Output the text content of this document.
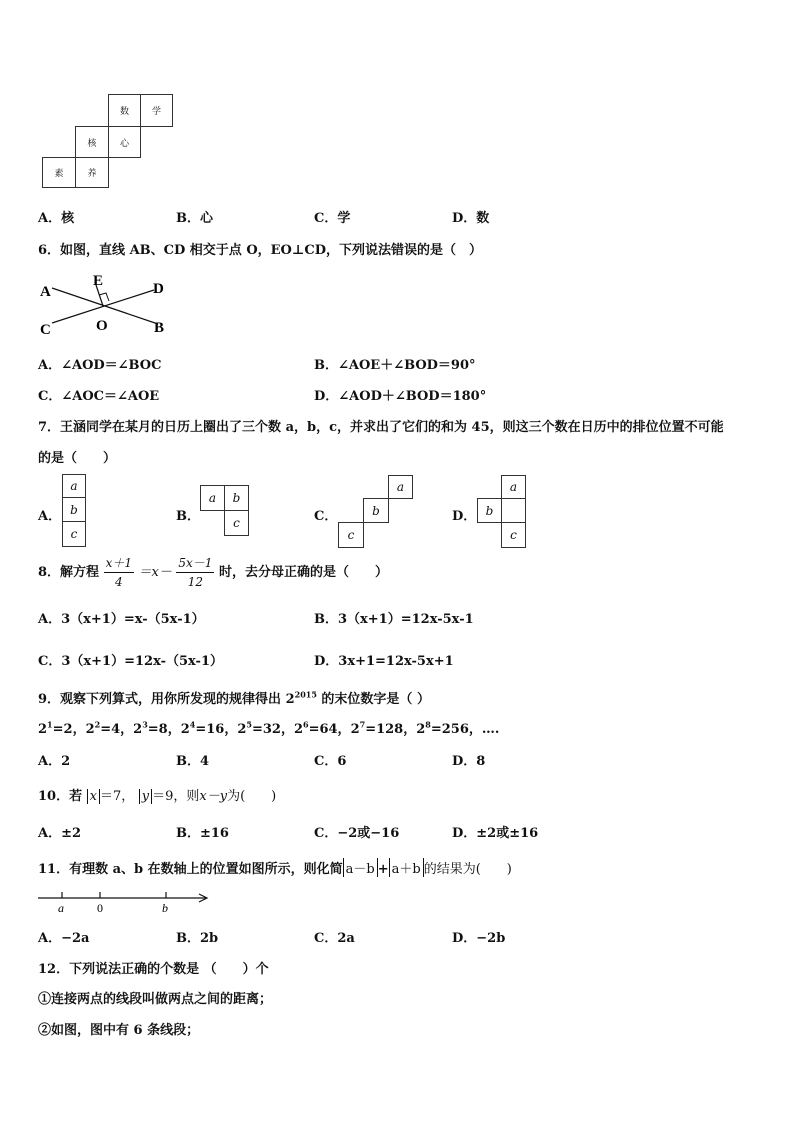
数	学
核	心
素	养
A．核	B．心	C．学	D．数
6．如图，直线 AB、CD 相交于点 O，EO⊥CD，下列说法错误的是（　）
A
E	D
C	O	B
A．∠AOD＝∠BOC	B．∠AOE＋∠BOD＝90°
C．∠AOC＝∠AOE	D．∠AOD＋∠BOD＝180°
7．王涵同学在某月的日历上圈出了三个数 a，b，c，并求出了它们的和为 45，则这三个数在日历中的排位位置不可能
的是（　　）
A．
a
b
c
B．
a	b
c	C．
a
b
c
D．
a
b
c
8．解方程 $\frac{x+1}{4} =x- \frac{5x-1}{12}$ 时，去分母正确的是（　　）
A．3（x+1）=x-（5x-1）	B．3（x+1）=12x-5x-1
C．3（x+1）=12x-（5x-1）	D．3x+1=12x-5x+1
9．观察下列算式，用你所发现的规律得出 $2^{2015}$ 的末位数字是（ ）
$2^1=2$，$2^2=4$，$2^3=8$，$2^4=16$，$2^5=32$，$2^6=64$，$2^7=128$，$2^8=256$，….
A．2	B．4	C．6	D．8
10．若 x ＝7， y ＝9，则x－y为(　　)
A．±2	B．±16	C．−2或−16	D．±2或±16
11．有理数 a、b 在数轴上的位置如图所示，则化简 a－b + a＋b 的结果为(　　)
a	0	b
A．−2a	B．2b	C．2a	D．−2b
12．下列说法正确的个数是 （　　）个
①连接两点的线段叫做两点之间的距离；
②如图，图中有 6 条线段；
